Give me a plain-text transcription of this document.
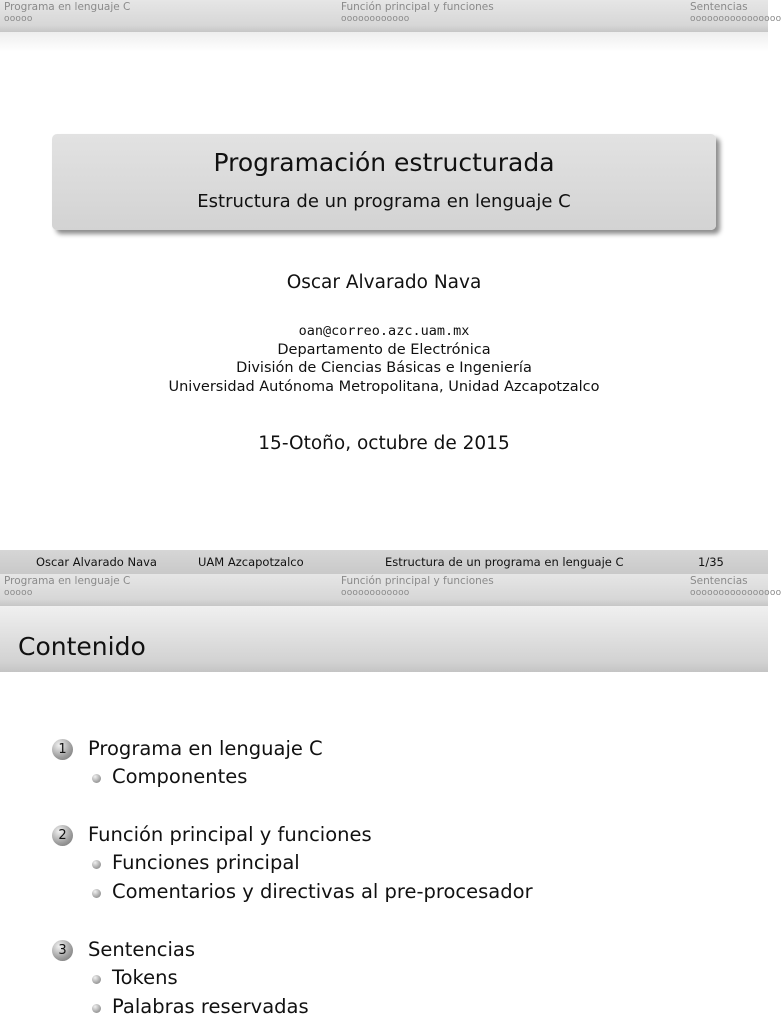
Programa en lenguaje C
ooooo
Función principal y funciones
oooooooooooo
Sentencias
oooooooooooooooo
Programación estructurada
Estructura de un programa en lenguaje C
Oscar Alvarado Nava
oan@correo.azc.uam.mx
Departamento de Electrónica
División de Ciencias Básicas e Ingeniería
Universidad Autónoma Metropolitana, Unidad Azcapotzalco
15-Otoño, octubre de 2015
Oscar Alvarado Nava	UAM Azcapotzalco	Estructura de un programa en lenguaje C	1/35
Programa en lenguaje C
ooooo
Función principal y funciones
oooooooooooo
Sentencias
oooooooooooooooo
Contenido
1	Programa en lenguaje C
Componentes
2	Función principal y funciones
Funciones principal
Comentarios y directivas al pre-procesador
3	Sentencias
Tokens
Palabras reservadas
